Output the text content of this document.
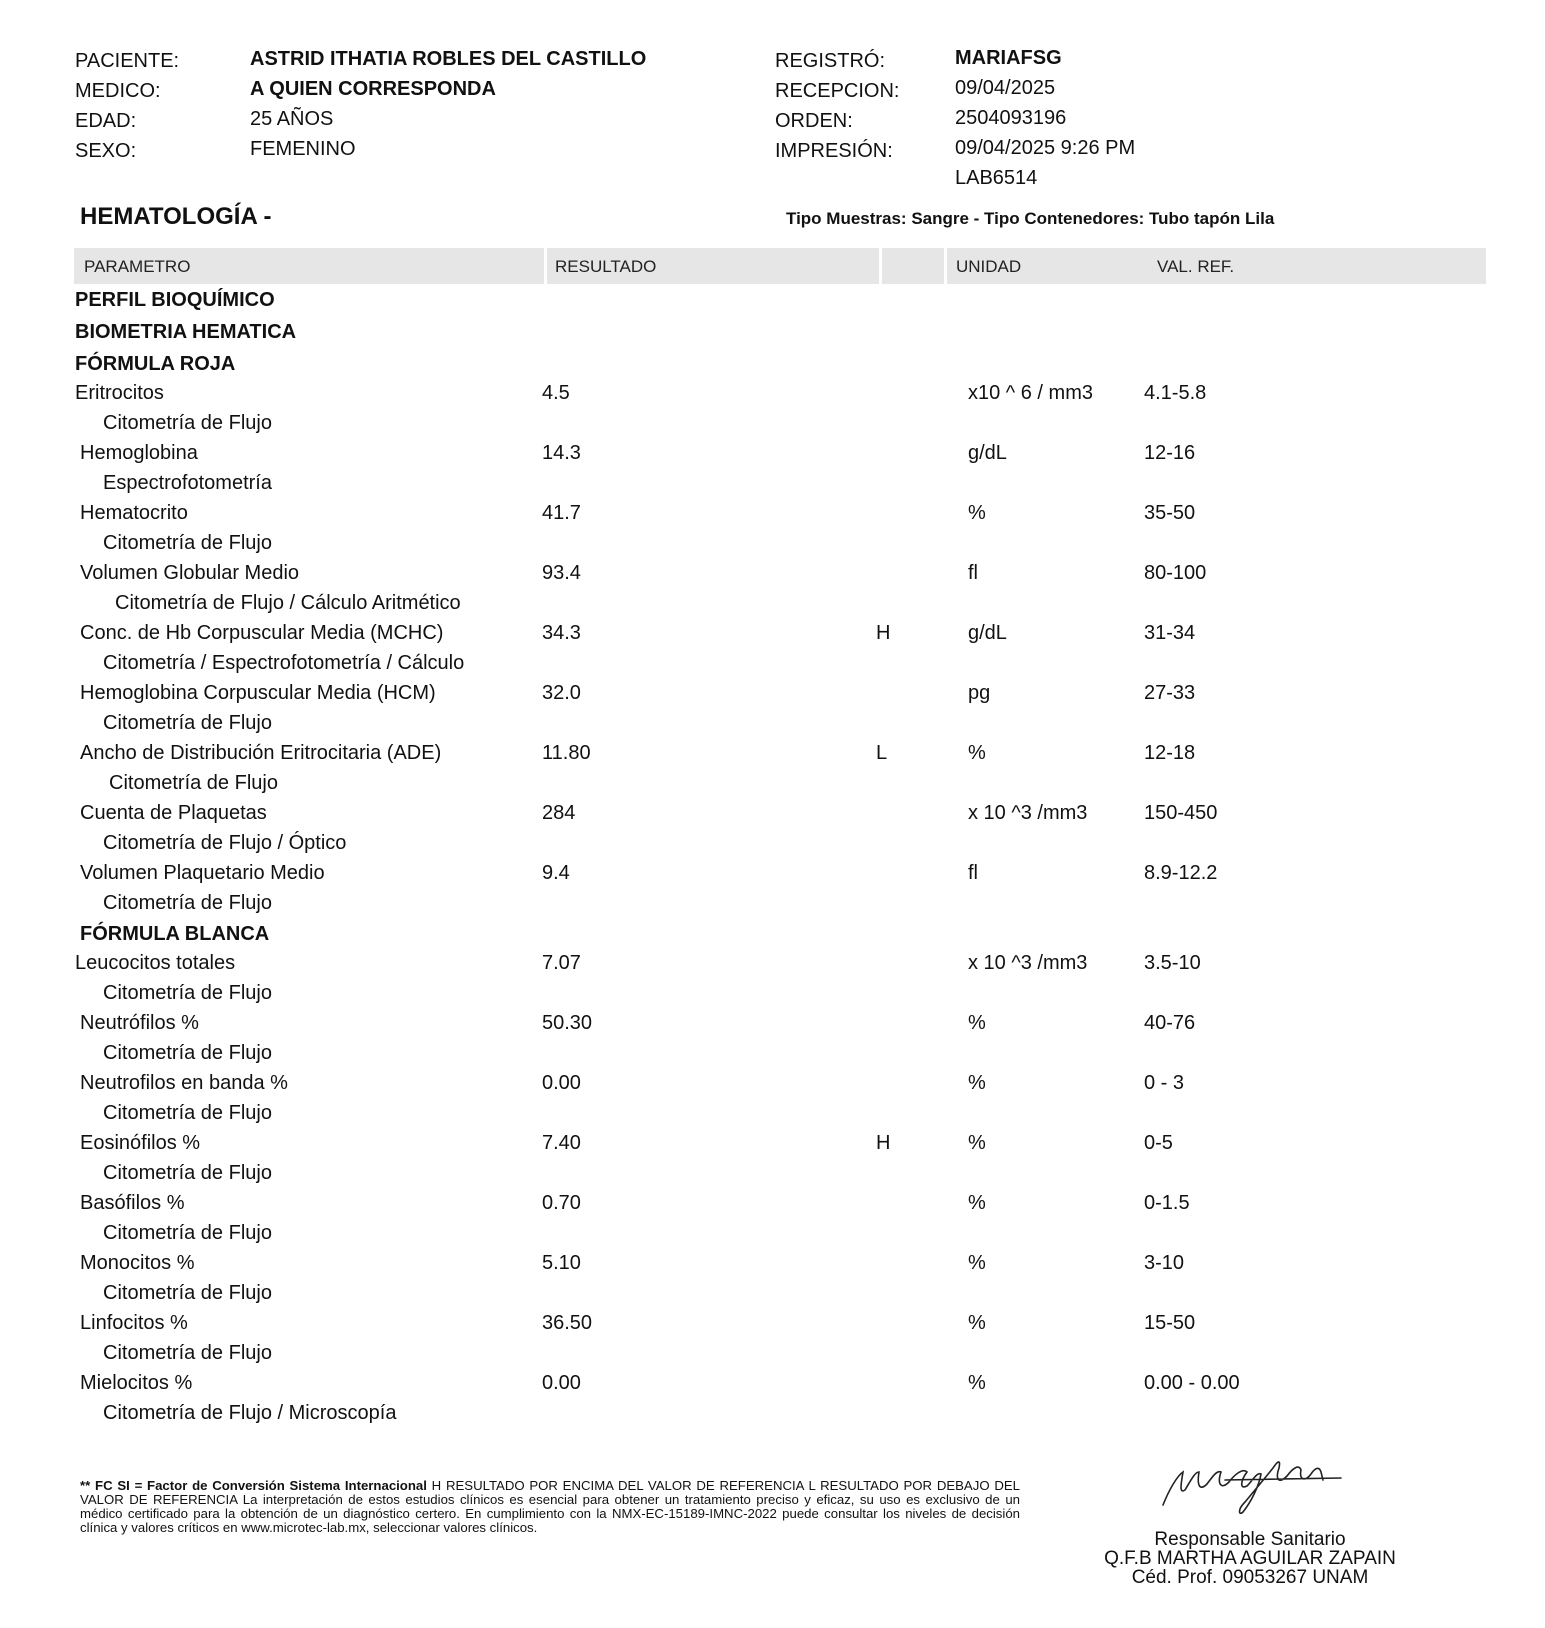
PACIENTE:	ASTRID ITHATIA ROBLES DEL CASTILLO
MEDICO:	A QUIEN CORRESPONDA
EDAD:	25 AÑOS
SEXO:	FEMENINO
REGISTRÓ:	MARIAFSG
RECEPCION:	09/04/2025
ORDEN:	2504093196
IMPRESIÓN:	09/04/2025 9:26 PM
LAB6514
HEMATOLOGÍA -	Tipo Muestras: Sangre - Tipo Contenedores: Tubo tapón Lila
PARAMETRO	RESULTADO	UNIDAD	VAL. REF.
PERFIL BIOQUÍMICO
BIOMETRIA HEMATICA
FÓRMULA ROJA
Eritrocitos	4.5	x10 ^ 6 / mm3	4.1-5.8
Citometría de Flujo
Hemoglobina	14.3	g/dL	12-16
Espectrofotometría
Hematocrito	41.7	%	35-50
Citometría de Flujo
Volumen Globular Medio	93.4	fl	80-100
Citometría de Flujo / Cálculo Aritmético
Conc. de Hb Corpuscular Media (MCHC)	34.3	H	g/dL	31-34
Citometría / Espectrofotometría / Cálculo
Hemoglobina Corpuscular Media (HCM)	32.0	pg	27-33
Citometría de Flujo
Ancho de Distribución Eritrocitaria (ADE)	11.80	L	%	12-18
Citometría de Flujo
Cuenta de Plaquetas	284	x 10 ^3 /mm3	150-450
Citometría de Flujo / Óptico
Volumen Plaquetario Medio	9.4	fl	8.9-12.2
Citometría de Flujo
FÓRMULA BLANCA
Leucocitos totales	7.07	x 10 ^3 /mm3	3.5-10
Citometría de Flujo
Neutrófilos %	50.30	%	40-76
Citometría de Flujo
Neutrofilos en banda %	0.00	%	0 - 3
Citometría de Flujo
Eosinófilos %	7.40	H	%	0-5
Citometría de Flujo
Basófilos %	0.70	%	0-1.5
Citometría de Flujo
Monocitos %	5.10	%	3-10
Citometría de Flujo
Linfocitos %	36.50	%	15-50
Citometría de Flujo
Mielocitos %	0.00	%	0.00 - 0.00
Citometría de Flujo / Microscopía
** FC SI = Factor de Conversión Sistema Internacional H RESULTADO POR ENCIMA DEL VALOR DE REFERENCIA L RESULTADO POR DEBAJO DEL VALOR DE REFERENCIA La interpretación de estos estudios clínicos es esencial para obtener un tratamiento preciso y eficaz, su uso es exclusivo de un médico certificado para la obtención de un diagnóstico certero. En cumplimiento con la NMX-EC-15189-IMNC-2022 puede consultar los niveles de decisión clínica y valores críticos en www.microtec-lab.mx, seleccionar valores clínicos.
Responsable Sanitario
Q.F.B MARTHA AGUILAR ZAPAIN
Céd. Prof. 09053267 UNAM
